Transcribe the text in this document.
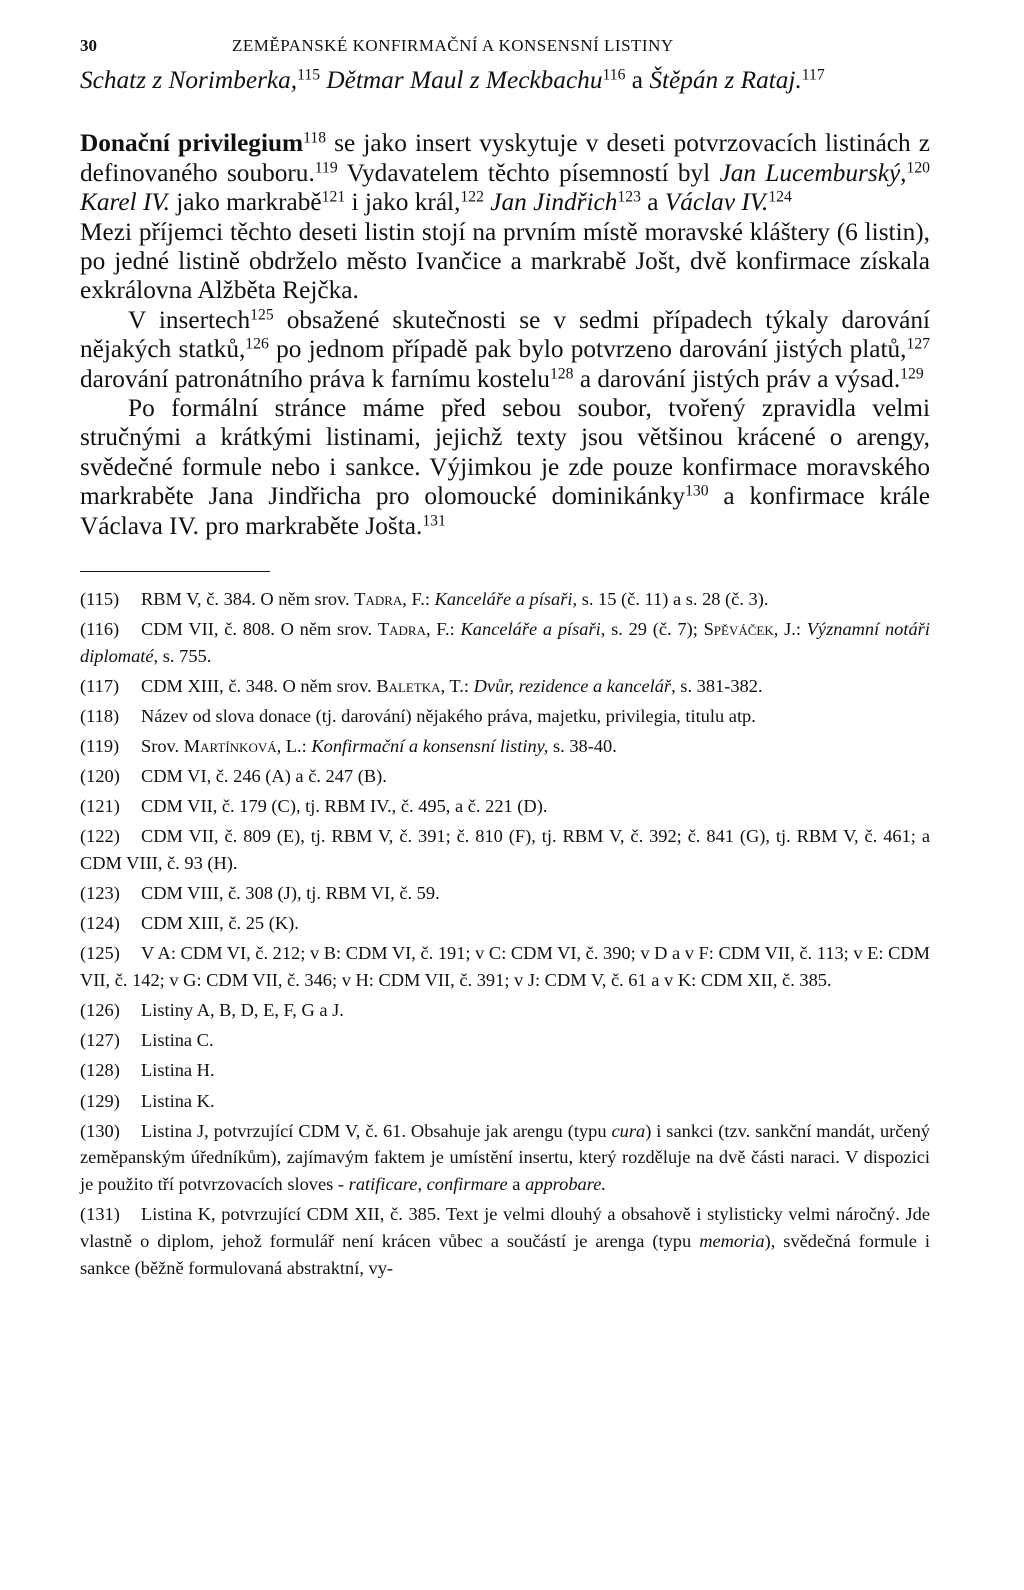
30	ZEMĚPANSKÉ KONFIRMAČNÍ A KONSENSNÍ LISTINY

Schatz z Norimberka,$^{115}$ Dětmar Maul z Meckbachu$^{116}$ a Štěpán z Rataj.$^{117}$

Donační privilegium$^{118}$ se jako insert vyskytuje v deseti potvrzovacích listinách z definovaného souboru.$^{119}$ Vydavatelem těchto písemností byl Jan Lucemburský,$^{120}$ Karel IV. jako markrabě$^{121}$ i jako král,$^{122}$ Jan Jindřich$^{123}$ a Václav IV.$^{124}$

Mezi příjemci těchto deseti listin stojí na prvním místě moravské kláštery (6 listin), po jedné listině obdrželo město Ivančice a markrabě Jošt, dvě konfirmace získala exkrálovna Alžběta Rejčka.

V insertech$^{125}$ obsažené skutečnosti se v sedmi případech týkaly darování nějakých statků,$^{126}$ po jednom případě pak bylo potvrzeno darování jistých platů,$^{127}$ darování patronátního práva k farnímu kostelu$^{128}$ a darování jistých práv a výsad.$^{129}$

Po formální stránce máme před sebou soubor, tvořený zpravidla velmi stručnými a krátkými listinami, jejichž texty jsou většinou krácené o arengy, svědečné formule nebo i sankce. Výjimkou je zde pouze konfirmace moravského markraběte Jana Jindřicha pro olomoucké dominikánky$^{130}$ a konfirmace krále Václava IV. pro markraběte Jošta.$^{131}$

(115) RBM V, č. 384. O něm srov. Tadra, F.: Kanceláře a písaři, s. 15 (č. 11) a s. 28 (č. 3).

(116) CDM VII, č. 808. O něm srov. Tadra, F.: Kanceláře a písaři, s. 29 (č. 7); Spěváček, J.: Významní notáři diplomaté, s. 755.

(117) CDM XIII, č. 348. O něm srov. Baletka, T.: Dvůr, rezidence a kancelář, s. 381-382.

(118) Název od slova donace (tj. darování) nějakého práva, majetku, privilegia, titulu atp.

(119) Srov. Martínková, L.: Konfirmační a konsensní listiny, s. 38-40.

(120) CDM VI, č. 246 (A) a č. 247 (B).

(121) CDM VII, č. 179 (C), tj. RBM IV., č. 495, a č. 221 (D).

(122) CDM VII, č. 809 (E), tj. RBM V, č. 391; č. 810 (F), tj. RBM V, č. 392; č. 841 (G), tj. RBM V, č. 461; a CDM VIII, č. 93 (H).

(123) CDM VIII, č. 308 (J), tj. RBM VI, č. 59.

(124) CDM XIII, č. 25 (K).

(125) V A: CDM VI, č. 212; v B: CDM VI, č. 191; v C: CDM VI, č. 390; v D a v F: CDM VII, č. 113; v E: CDM VII, č. 142; v G: CDM VII, č. 346; v H: CDM VII, č. 391; v J: CDM V, č. 61 a v K: CDM XII, č. 385.

(126) Listiny A, B, D, E, F, G a J.

(127) Listina C.

(128) Listina H.

(129) Listina K.

(130) Listina J, potvrzující CDM V, č. 61. Obsahuje jak arengu (typu cura) i sankci (tzv. sankční mandát, určený zeměpanským úředníkům), zajímavým faktem je umístění insertu, který rozděluje na dvě části naraci. V dispozici je použito tří potvrzovacích sloves - ratificare, confirmare a approbare.

(131) Listina K, potvrzující CDM XII, č. 385. Text je velmi dlouhý a obsahově i stylisticky velmi náročný. Jde vlastně o diplom, jehož formulář není krácen vůbec a součástí je arenga (typu memoria), svědečná formule i sankce (běžně formulovaná abstraktní, vy-
